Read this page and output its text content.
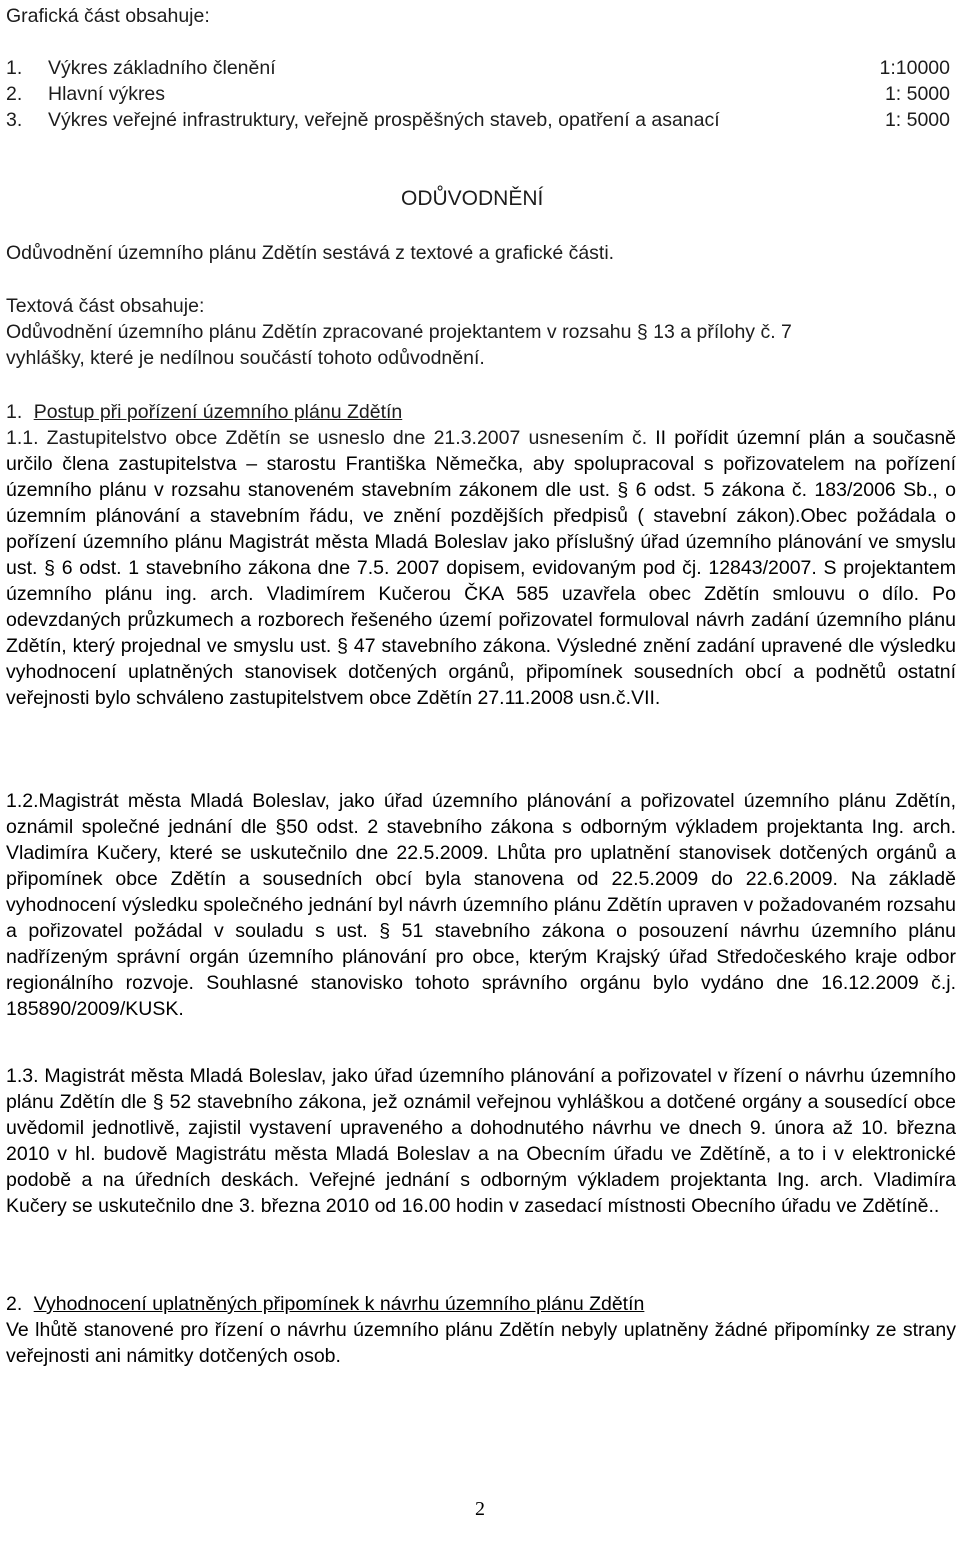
Grafická část obsahuje:
1. Výkres základního členění	1:10000
2. Hlavní výkres	1: 5000
3. Výkres veřejné infrastruktury, veřejně prospěšných staveb, opatření a asanací	1: 5000
ODŮVODNĚNÍ
Odůvodnění územního plánu Zdětín sestává z textové a grafické části.
Textová část obsahuje:
Odůvodnění územního plánu Zdětín zpracované projektantem v rozsahu § 13 a přílohy č. 7
vyhlášky, které je nedílnou součástí tohoto odůvodnění.
1. Postup při pořízení územního plánu Zdětín

1.1. Zastupitelstvo obce Zdětín se usneslo dne 21.3.2007 usnesením č. II pořídit územní plán a současně určilo člena zastupitelstva – starostu Františka Němečka, aby spolupracoval s pořizovatelem na pořízení územního plánu v rozsahu stanoveném stavebním zákonem dle ust. § 6 odst. 5 zákona č. 183/2006 Sb., o územním plánování a stavebním řádu, ve znění pozdějších předpisů ( stavební zákon).Obec požádala o pořízení územního plánu Magistrát města Mladá Boleslav jako příslušný úřad územního plánování ve smyslu ust. § 6 odst. 1 stavebního zákona dne 7.5. 2007 dopisem, evidovaným pod čj. 12843/2007. S projektantem územního plánu ing. arch. Vladimírem Kučerou ČKA 585 uzavřela obec Zdětín smlouvu o dílo. Po odevzdaných průzkumech a rozborech řešeného území pořizovatel formuloval návrh zadání územního plánu Zdětín, který projednal ve smyslu ust. § 47 stavebního zákona. Výsledné znění zadání upravené dle výsledku vyhodnocení uplatněných stanovisek dotčených orgánů, připomínek sousedních obcí a podnětů ostatní veřejnosti bylo schváleno zastupitelstvem obce Zdětín 27.11.2008 usn.č.VII.

1.2.Magistrát města Mladá Boleslav, jako úřad územního plánování a pořizovatel územního plánu Zdětín, oznámil společné jednání dle §50 odst. 2 stavebního zákona s odborným výkladem projektanta Ing. arch. Vladimíra Kučery, které se uskutečnilo dne 22.5.2009. Lhůta pro uplatnění stanovisek dotčených orgánů a připomínek obce Zdětín a sousedních obcí byla stanovena od 22.5.2009 do 22.6.2009. Na základě vyhodnocení výsledku společného jednání byl návrh územního plánu Zdětín upraven v požadovaném rozsahu a pořizovatel požádal v souladu s ust. § 51 stavebního zákona o posouzení návrhu územního plánu nadřízeným správní orgán územního plánování pro obce, kterým Krajský úřad Středočeského kraje odbor regionálního rozvoje. Souhlasné stanovisko tohoto správního orgánu bylo vydáno dne 16.12.2009 č.j. 185890/2009/KUSK.

1.3. Magistrát města Mladá Boleslav, jako úřad územního plánování a pořizovatel v řízení o návrhu územního plánu Zdětín dle § 52 stavebního zákona, jež oznámil veřejnou vyhláškou a dotčené orgány a sousedící obce uvědomil jednotlivě, zajistil vystavení upraveného a dohodnutého návrhu ve dnech 9. února až 10. března 2010 v hl. budově Magistrátu města Mladá Boleslav a na Obecním úřadu ve Zdětíně, a to i v elektronické podobě a na úředních deskách. Veřejné jednání s odborným výkladem projektanta Ing. arch. Vladimíra Kučery se uskutečnilo dne 3. března 2010 od 16.00 hodin v zasedací místnosti Obecního úřadu ve Zdětíně..

2. Vyhodnocení uplatněných připomínek k návrhu územního plánu Zdětín

Ve lhůtě stanovené pro řízení o návrhu územního plánu Zdětín nebyly uplatněny žádné připomínky ze strany veřejnosti ani námitky dotčených osob.

2
